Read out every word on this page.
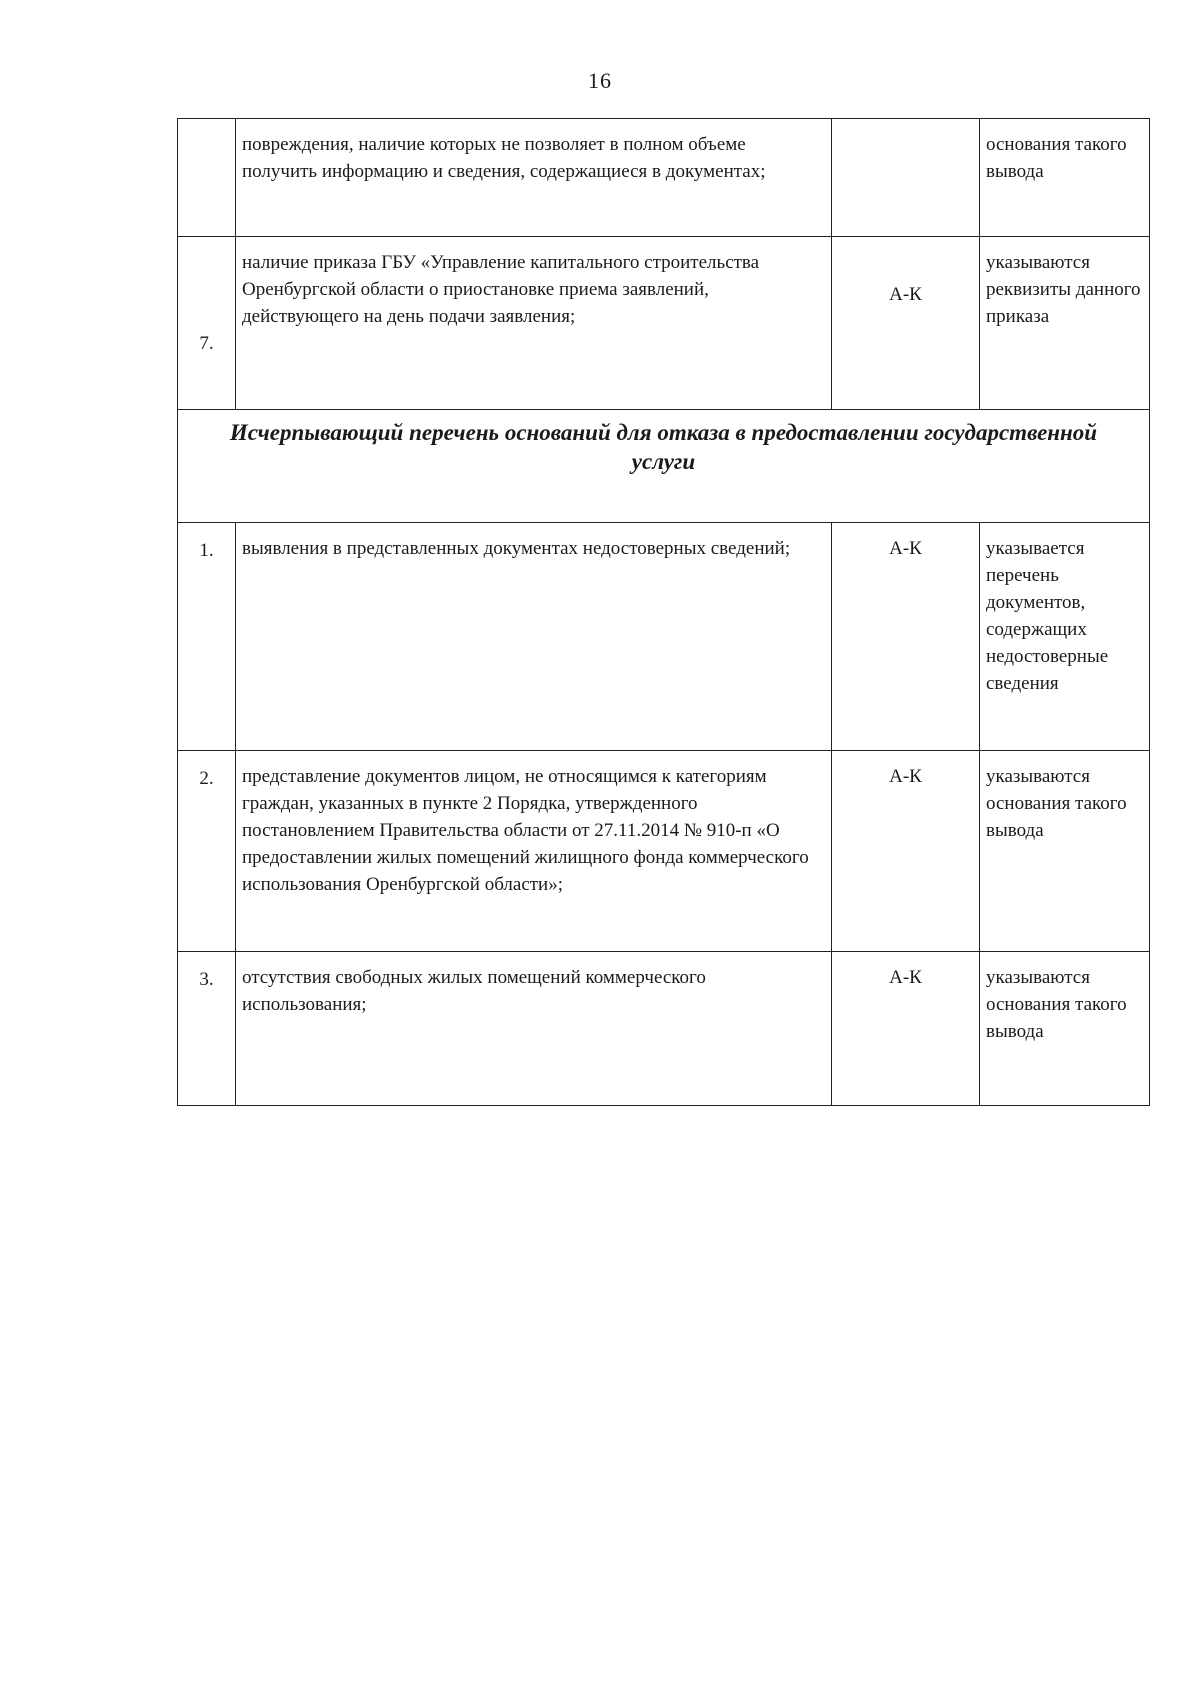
16
	повреждения, наличие которых не позволяет в полном объеме получить информацию и сведения, содержащиеся в документах;		основания такого вывода
7.	наличие приказа ГБУ «Управление капитального строительства Оренбургской области о приостановке приема заявлений, действующего на день подачи заявления;	А-К	указываются реквизиты данного приказа
Исчерпывающий перечень оснований для отказа в предоставлении государственной услуги			
1.	выявления в представленных документах недостоверных сведений;	А-К	указывается перечень документов, содержащих недостоверные сведения
2.	представление документов лицом, не относящимся к категориям граждан, указанных в пункте 2 Порядка, утвержденного постановлением Правительства области от 27.11.2014 № 910-п «О предоставлении жилых помещений жилищного фонда коммерческого использования Оренбургской области»;	А-К	указываются основания такого вывода
3.	отсутствия свободных жилых помещений коммерческого использования;	А-К	указываются основания такого вывода
